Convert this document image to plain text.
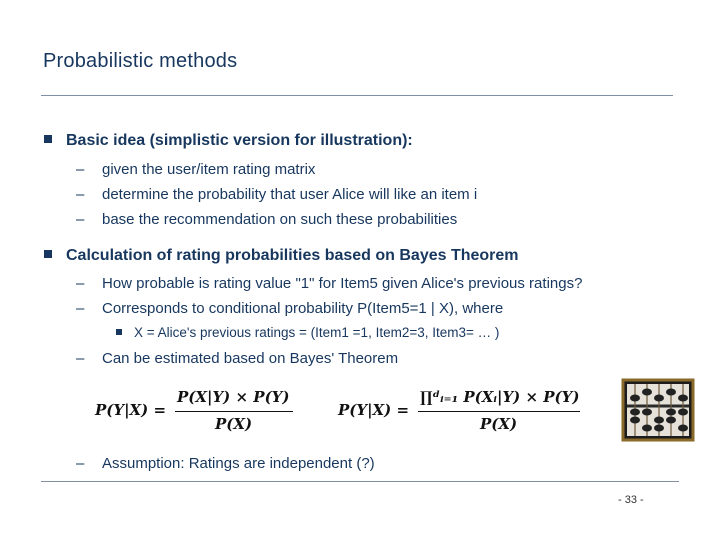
Probabilistic methods
Basic idea (simplistic version for illustration):
– given the user/item rating matrix
– determine the probability that user Alice will like an item i
– base the recommendation on such these probabilities
Calculation of rating probabilities based on Bayes Theorem
– How probable is rating value "1" for Item5 given Alice's previous ratings?
– Corresponds to conditional probability P(Item5=1 | X), where
X = Alice's previous ratings = (Item1 =1, Item2=3, Item3= … )
– Can be estimated based on Bayes' Theorem
P(Y|X) =
P(X|Y) × P(Y)
P(X)
P(Y|X) =
∏ᵈᵢ₌₁ P(Xᵢ|Y) × P(Y)
P(X)
– Assumption: Ratings are independent (?)
- 33 -
